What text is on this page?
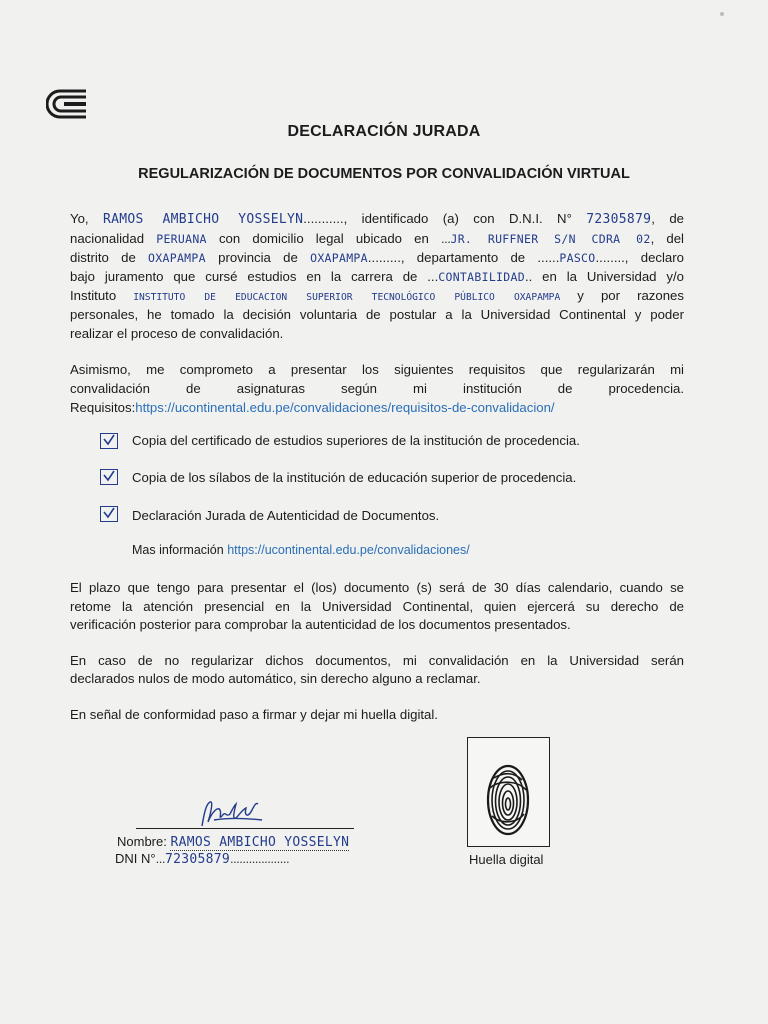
DECLARACIÓN JURADA
REGULARIZACIÓN DE DOCUMENTOS POR CONVALIDACIÓN VIRTUAL
Yo, RAMOS AMBICHO YOSSELYN..........., identificado (a) con D.N.I. N° 72305879, de
nacionalidad PERUANA con domicilio legal ubicado en ...JR. RUFFNER S/N CDRA 02, del
distrito de OXAPAMPA provincia de OXAPAMPA........., departamento de ......PASCO........, declaro
bajo juramento que cursé estudios en la carrera de ...CONTABILIDAD.. en la Universidad y/o
Instituto INSTITUTO DE EDUCACION SUPERIOR TECNOLÓGICO PÚBLICO OXAPAMPA y por razones
personales, he tomado la decisión voluntaria de postular a la Universidad Continental y poder
realizar el proceso de convalidación.
Asimismo, me comprometo a presentar los siguientes requisitos que regularizarán mi
convalidación de asignaturas según mi institución de procedencia.
Requisitos:https://ucontinental.edu.pe/convalidaciones/requisitos-de-convalidacion/
Copia del certificado de estudios superiores de la institución de procedencia.
Copia de los sílabos de la institución de educación superior de procedencia.
Declaración Jurada de Autenticidad de Documentos.
Mas información https://ucontinental.edu.pe/convalidaciones/
El plazo que tengo para presentar el (los) documento (s) será de 30 días calendario, cuando se
retome la atención presencial en la Universidad Continental, quien ejercerá su derecho de
verificación posterior para comprobar la autenticidad de los documentos presentados.
En caso de no regularizar dichos documentos, mi convalidación en la Universidad serán
declarados nulos de modo automático, sin derecho alguno a reclamar.
En señal de conformidad paso a firmar y dejar mi huella digital.
Nombre: RAMOS AMBICHO YOSSELYN
DNI N°...72305879...................	Huella digital
